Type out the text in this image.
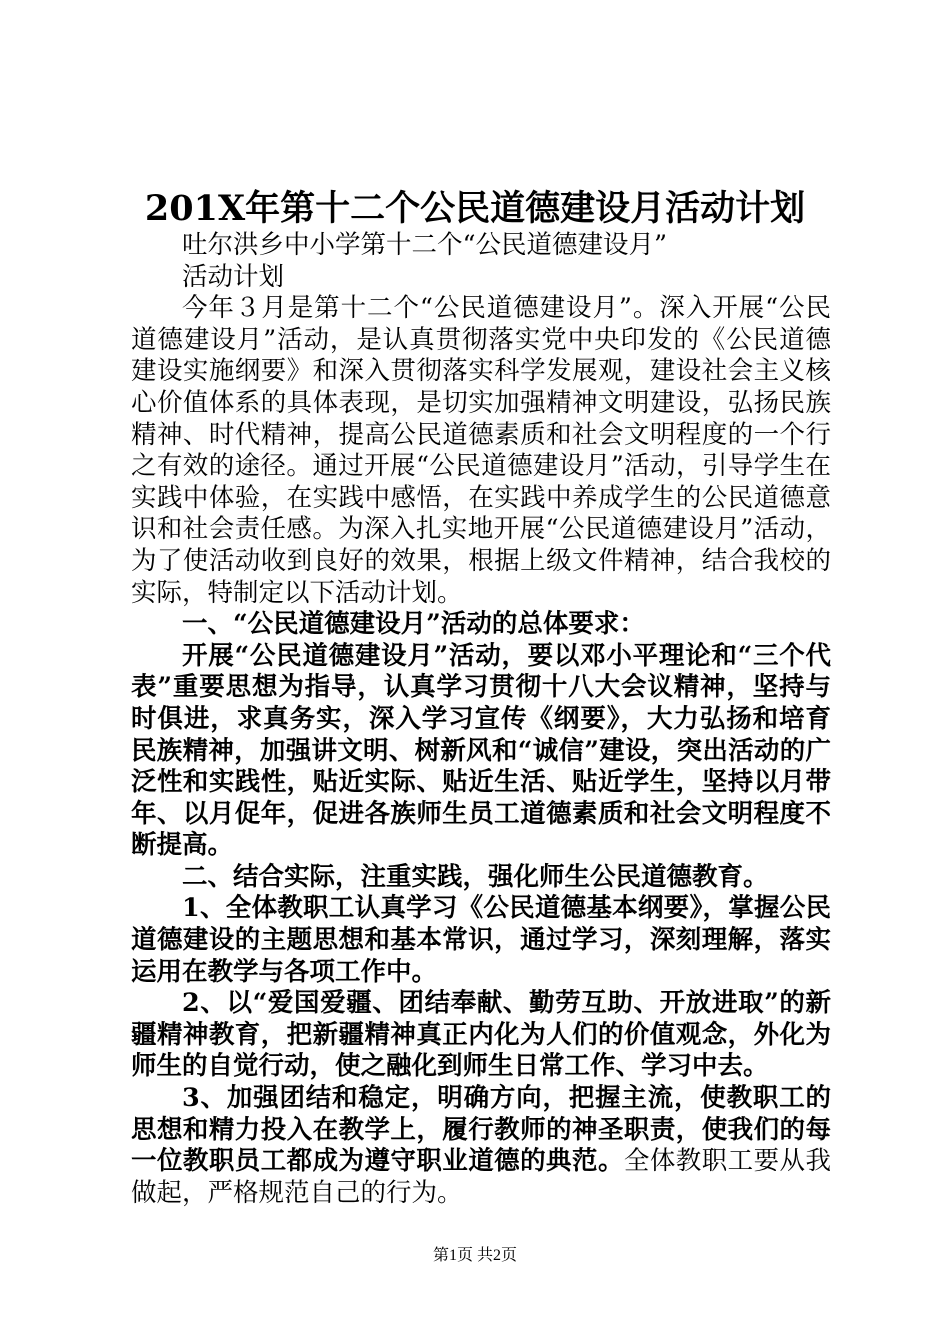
201X年第十二个公民道德建设月活动计划

吐尔洪乡中小学第十二个“公民道德建设月”

活动计划

今年３月是第十二个“公民道德建设月”。深入开展“公民道德建设月”活动，是认真贯彻落实党中央印发的《公民道德建设实施纲要》和深入贯彻落实科学发展观，建设社会主义核心价值体系的具体表现，是切实加强精神文明建设，弘扬民族精神、时代精神，提高公民道德素质和社会文明程度的一个行之有效的途径。通过开展“公民道德建设月”活动，引导学生在实践中体验，在实践中感悟，在实践中养成学生的公民道德意识和社会责任感。为深入扎实地开展“公民道德建设月”活动，为了使活动收到良好的效果，根据上级文件精神，结合我校的实际，特制定以下活动计划。

一、“公民道德建设月”活动的总体要求：

开展“公民道德建设月”活动，要以邓小平理论和“三个代表”重要思想为指导，认真学习贯彻十八大会议精神，坚持与时俱进，求真务实，深入学习宣传《纲要》，大力弘扬和培育民族精神，加强讲文明、树新风和“诚信”建设，突出活动的广泛性和实践性，贴近实际、贴近生活、贴近学生，坚持以月带年、以月促年，促进各族师生员工道德素质和社会文明程度不断提高。

二、结合实际，注重实践，强化师生公民道德教育。

1、全体教职工认真学习《公民道德基本纲要》，掌握公民道德建设的主题思想和基本常识，通过学习，深刻理解，落实运用在教学与各项工作中。

2、以“爱国爱疆、团结奉献、勤劳互助、开放进取”的新疆精神教育，把新疆精神真正内化为人们的价值观念，外化为师生的自觉行动，使之融化到师生日常工作、学习中去。

3、加强团结和稳定，明确方向，把握主流，使教职工的思想和精力投入在教学上，履行教师的神圣职责，使我们的每一位教职员工都成为遵守职业道德的典范。全体教职工要从我做起，严格规范自己的行为。

第1页 共2页
